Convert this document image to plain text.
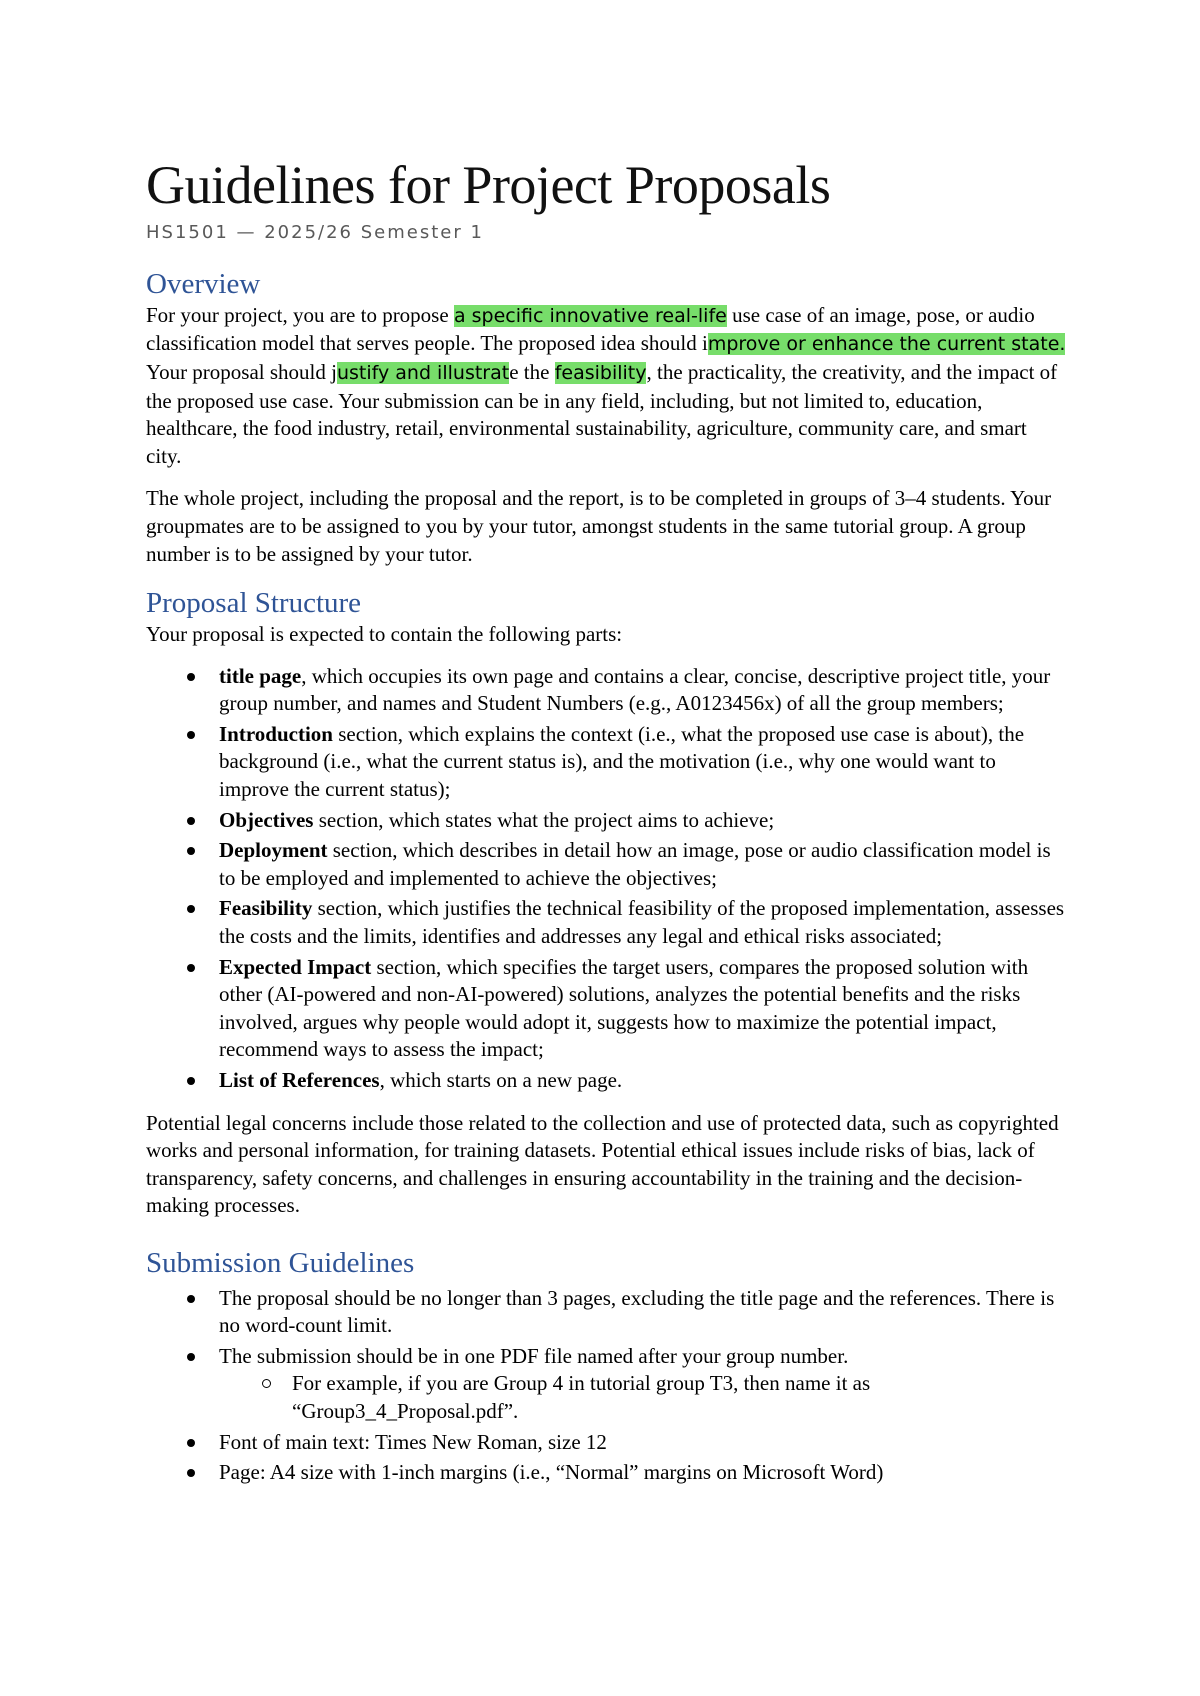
Guidelines for Project Proposals
HS1501 — 2025/26 Semester 1
Overview

For your project, you are to propose a specific innovative real-life use case of an image, pose, or audio classification model that serves people. The proposed idea should improve or enhance the current state. Your proposal should justify and illustrate the feasibility, the practicality, the creativity, and the impact of the proposed use case. Your submission can be in any field, including, but not limited to, education, healthcare, the food industry, retail, environmental sustainability, agriculture, community care, and smart city.

The whole project, including the proposal and the report, is to be completed in groups of 3–4 students. Your groupmates are to be assigned to you by your tutor, amongst students in the same tutorial group. A group number is to be assigned by your tutor.

Proposal Structure

Your proposal is expected to contain the following parts:

title page, which occupies its own page and contains a clear, concise, descriptive project title, your group number, and names and Student Numbers (e.g., A0123456x) of all the group members;
Introduction section, which explains the context (i.e., what the proposed use case is about), the background (i.e., what the current status is), and the motivation (i.e., why one would want to improve the current status);
Objectives section, which states what the project aims to achieve;
Deployment section, which describes in detail how an image, pose or audio classification model is to be employed and implemented to achieve the objectives;
Feasibility section, which justifies the technical feasibility of the proposed implementation, assesses the costs and the limits, identifies and addresses any legal and ethical risks associated;
Expected Impact section, which specifies the target users, compares the proposed solution with other (AI-powered and non-AI-powered) solutions, analyzes the potential benefits and the risks involved, argues why people would adopt it, suggests how to maximize the potential impact, recommend ways to assess the impact;
List of References, which starts on a new page.

Potential legal concerns include those related to the collection and use of protected data, such as copyrighted works and personal information, for training datasets. Potential ethical issues include risks of bias, lack of transparency, safety concerns, and challenges in ensuring accountability in the training and the decision-making processes.

Submission Guidelines
The proposal should be no longer than 3 pages, excluding the title page and the references. There is no word-count limit.
The submission should be in one PDF file named after your group number.
For example, if you are Group 4 in tutorial group T3, then name it as “Group3_4_Proposal.pdf”.
Font of main text: Times New Roman, size 12
Page: A4 size with 1-inch margins (i.e., “Normal” margins on Microsoft Word)
